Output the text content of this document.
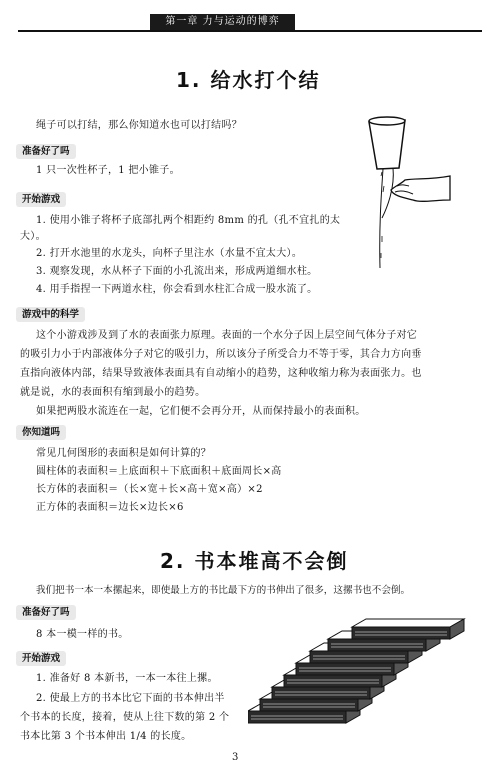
第一章 力与运动的博弈
1. 给水打个结
绳子可以打结，那么你知道水也可以打结吗？
准备好了吗
1 只一次性杯子，1 把小锥子。
开始游戏
1. 使用小锥子将杯子底部扎两个相距约 8mm 的孔（孔不宜扎的太
大）。
2. 打开水池里的水龙头，向杯子里注水（水量不宜太大）。
3. 观察发现，水从杯子下面的小孔流出来，形成两道细水柱。
4. 用手指捏一下两道水柱，你会看到水柱汇合成一股水流了。
游戏中的科学
这个小游戏涉及到了水的表面张力原理。表面的一个水分子因上层空间气体分子对它
的吸引力小于内部液体分子对它的吸引力，所以该分子所受合力不等于零，其合力方向垂
直指向液体内部，结果导致液体表面具有自动缩小的趋势，这种收缩力称为表面张力。也
就是说，水的表面积有缩到最小的趋势。
如果把两股水流连在一起，它们便不会再分开，从而保持最小的表面积。
你知道吗
常见几何图形的表面积是如何计算的？
圆柱体的表面积＝上底面积＋下底面积＋底面周长×高
长方体的表面积＝（长×宽＋长×高＋宽×高）×2
正方体的表面积＝边长×边长×6
2. 书本堆高不会倒
我们把书一本一本摞起来，即使最上方的书比最下方的书伸出了很多，这摞书也不会倒。
准备好了吗
8 本一模一样的书。
开始游戏
1. 准备好 8 本新书，一本一本往上摞。
2. 使最上方的书本比它下面的书本伸出半
个书本的长度，接着，使从上往下数的第 2 个
书本比第 3 个书本伸出 1/4 的长度。
3
